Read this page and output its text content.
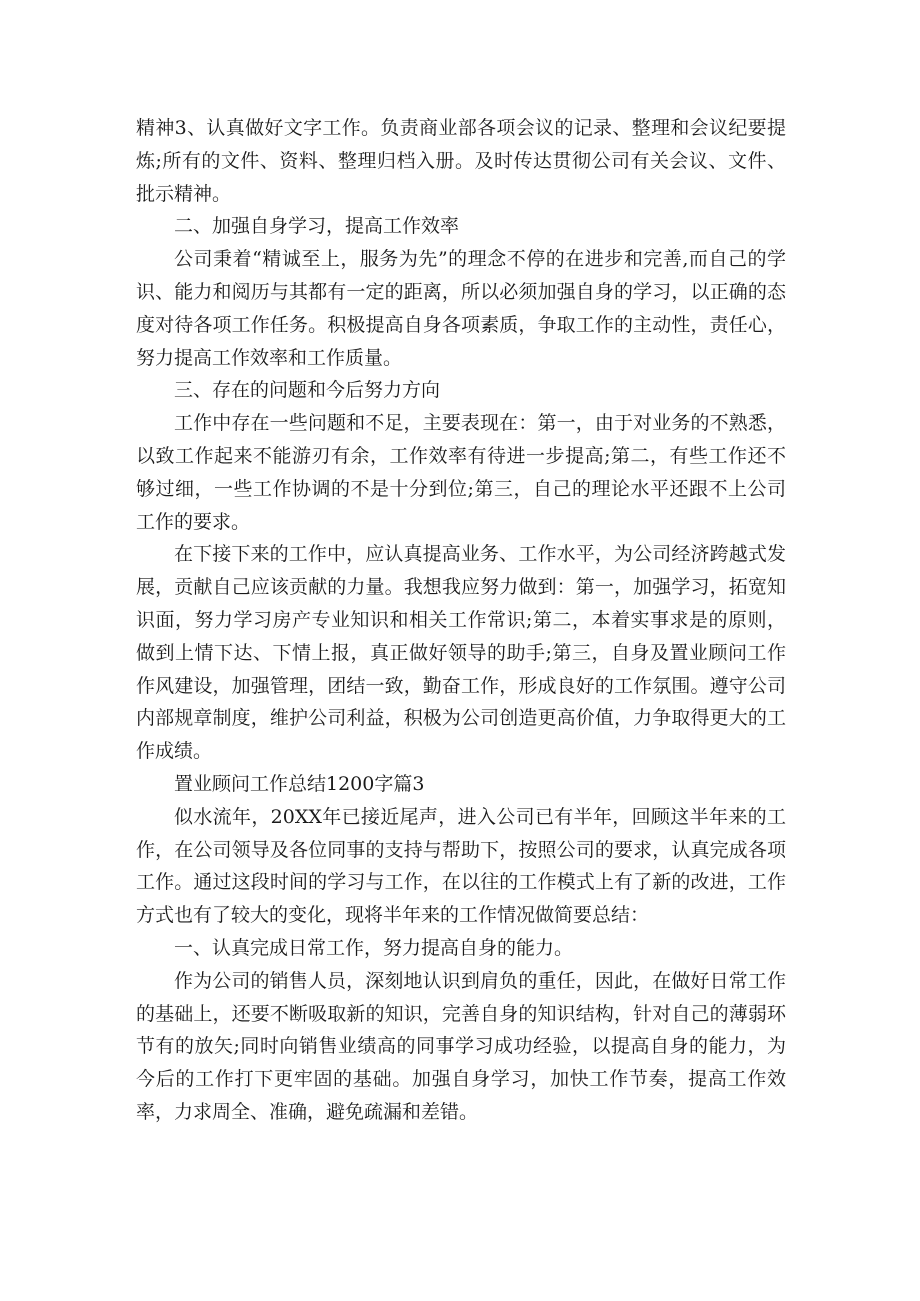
精神3、认真做好文字工作。负责商业部各项会议的记录、整理和会议纪要提炼;所有的文件、资料、整理归档入册。及时传达贯彻公司有关会议、文件、批示精神。

二、加强自身学习，提高工作效率

公司秉着“精诚至上，服务为先”的理念不停的在进步和完善,而自己的学识、能力和阅历与其都有一定的距离，所以必须加强自身的学习，以正确的态度对待各项工作任务。积极提高自身各项素质，争取工作的主动性，责任心，努力提高工作效率和工作质量。

三、存在的问题和今后努力方向

工作中存在一些问题和不足，主要表现在：第一，由于对业务的不熟悉，以致工作起来不能游刃有余，工作效率有待进一步提高;第二，有些工作还不够过细，一些工作协调的不是十分到位;第三，自己的理论水平还跟不上公司工作的要求。

在下接下来的工作中，应认真提高业务、工作水平，为公司经济跨越式发展，贡献自己应该贡献的力量。我想我应努力做到：第一，加强学习，拓宽知识面，努力学习房产专业知识和相关工作常识;第二，本着实事求是的原则，做到上情下达、下情上报，真正做好领导的助手;第三，自身及置业顾问工作作风建设，加强管理，团结一致，勤奋工作，形成良好的工作氛围。遵守公司内部规章制度，维护公司利益，积极为公司创造更高价值，力争取得更大的工作成绩。

置业顾问工作总结1200字篇3

似水流年，20XX年已接近尾声，进入公司已有半年，回顾这半年来的工作，在公司领导及各位同事的支持与帮助下，按照公司的要求，认真完成各项工作。通过这段时间的学习与工作，在以往的工作模式上有了新的改进，工作方式也有了较大的变化，现将半年来的工作情况做简要总结：

一、认真完成日常工作，努力提高自身的能力。

作为公司的销售人员，深刻地认识到肩负的重任，因此，在做好日常工作的基础上，还要不断吸取新的知识，完善自身的知识结构，针对自己的薄弱环节有的放矢;同时向销售业绩高的同事学习成功经验，以提高自身的能力，为今后的工作打下更牢固的基础。加强自身学习，加快工作节奏，提高工作效率，力求周全、准确，避免疏漏和差错。
